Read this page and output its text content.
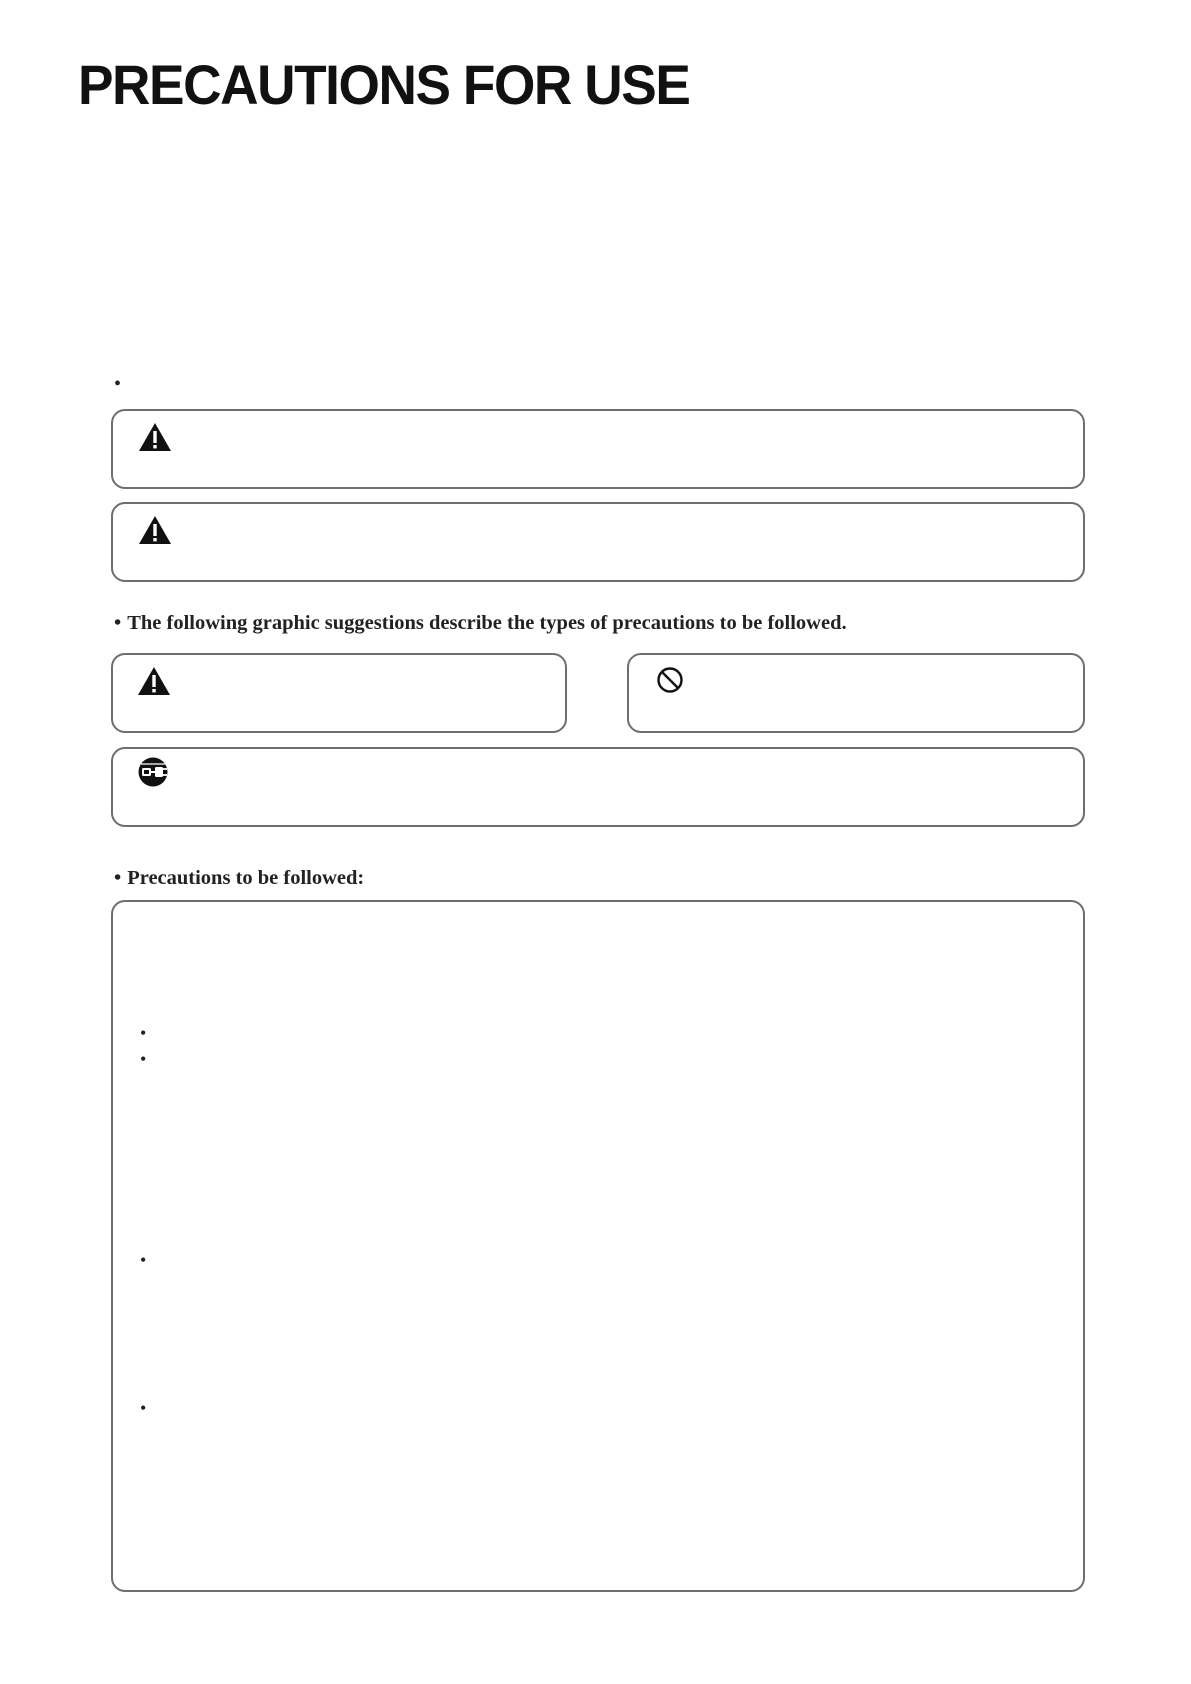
PRECAUTIONS FOR USE
•
• The following graphic suggestions describe the types of precautions to be followed.
• Precautions to be followed:
•
•
•
•
